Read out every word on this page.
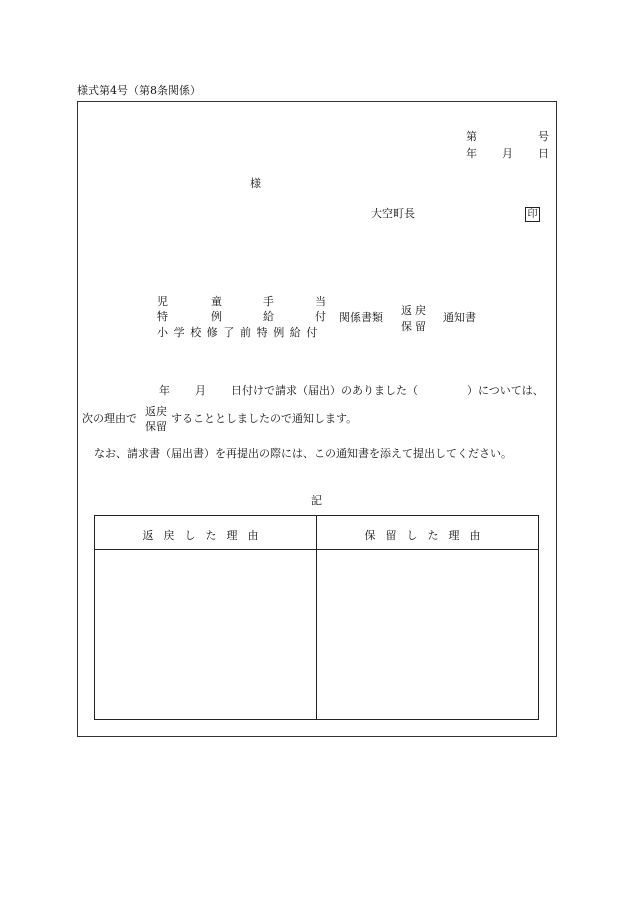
様式第4号（第8条関係）
第	号
年 月 日
様
大空町長	印
児	童	手	当
特	例	給	付
小学校修了前特例給付
関係書類
返戻
保留
通知書
年 月 日付けで請求（届出）のありました（	）については、
次の理由で
返戻
保留
することとしましたので通知します。
なお、請求書（届出書）を再提出の際には、この通知書を添えて提出してください。
記
返戻した理由	保留した理由
